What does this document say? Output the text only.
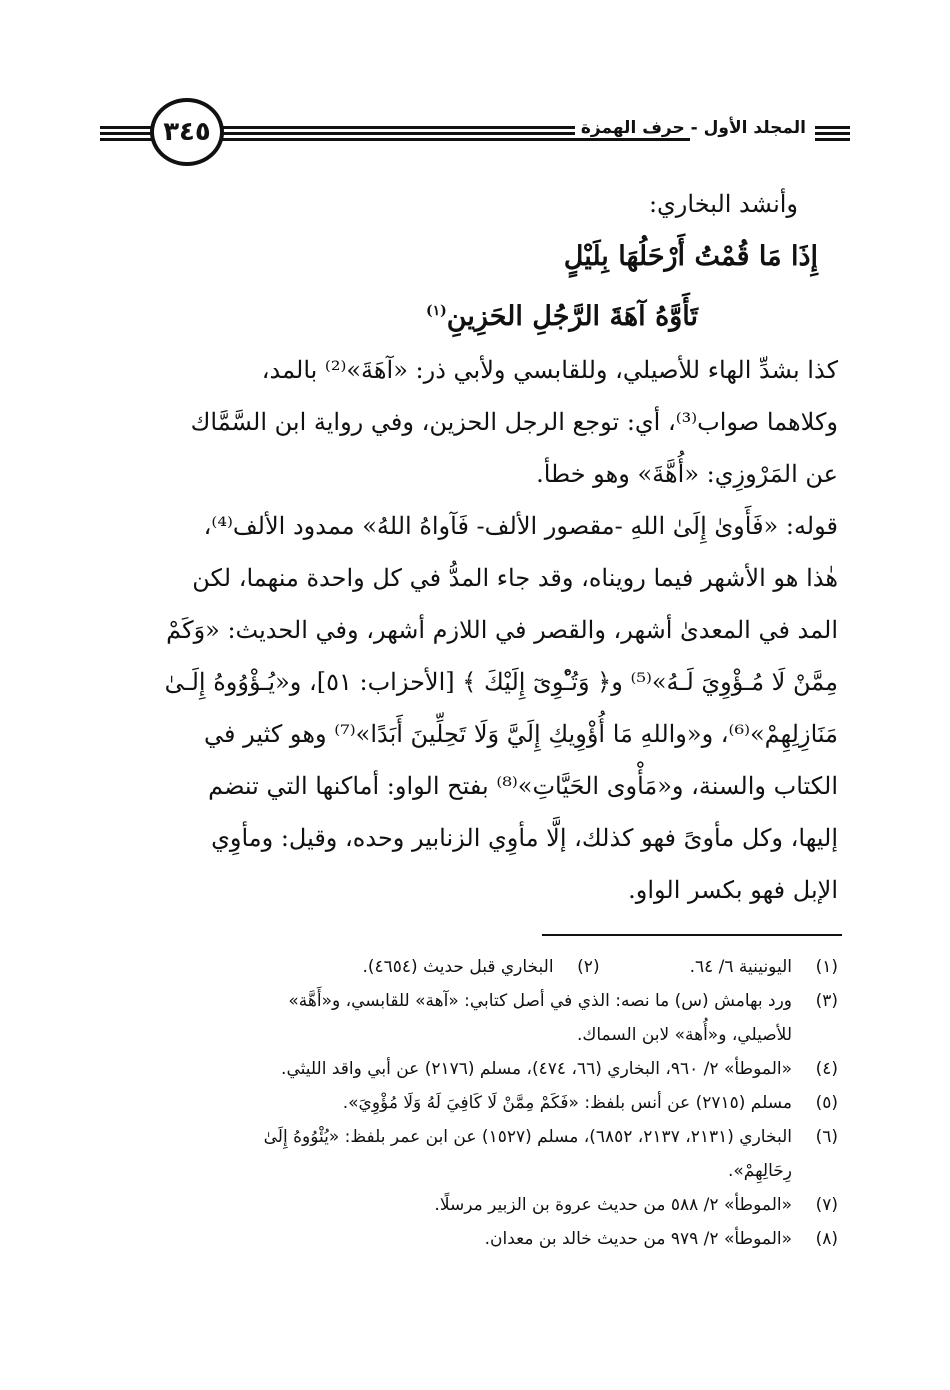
٣٤٥	المجلد الأول - حرف الهمزة
وأنشد البخاري:
إِذَا مَا قُمْتُ أَرْحَلُهَا بِلَيْلٍ
تَأَوَّهُ آهَةَ الرَّجُلِ الحَزِينِ$^{(١)}$
كذا بشدِّ الهاء للأصيلي، وللقابسي ولأبي ذر: «آهَةَ»⁽²⁾ بالمد،
وكلاهما صواب⁽³⁾، أي: توجع الرجل الحزين، وفي رواية ابن السَّمَّاك
عن المَرْوزِي: «أُهَّةَ» وهو خطأ.
قوله: «فَأَوىٰ إِلَىٰ اللهِ -مقصور الألف- فَآواهُ اللهُ» ممدود الألف⁽⁴⁾،
هٰذا هو الأشهر فيما رويناه، وقد جاء المدُّ في كل واحدة منهما، لكن
المد في المعدىٰ أشهر، والقصر في اللازم أشهر، وفي الحديث: «وَكَمْ
مِمَّنْ لَا مُـؤْوِيَ لَـهُ»⁽⁵⁾ و﴿ وَتُـْٔوِىٓ إِلَيْكَ ﴾ [الأحزاب: ٥١]، و«يُـؤْوُوهُ إِلَـىٰ
مَنَازِلِهِمْ»⁽⁶⁾، و«واللهِ مَا أُؤْوِيكِ إِلَيَّ وَلَا تَحِلِّينَ أَبَدًا»⁽⁷⁾ وهو كثير في
الكتاب والسنة، و«مَأْوى الحَيَّاتِ»⁽⁸⁾ بفتح الواو: أماكنها التي تنضم
إليها، وكل مأوىً فهو كذلك، إلَّا مأوِي الزنابير وحده، وقيل: ومأوِي
الإبل فهو بكسر الواو.
(١)
اليونينية ٦/ ٦٤.
(٢)
البخاري قبل حديث (٤٦٥٤).
(٣)
ورد بهامش (س) ما نصه: الذي في أصل كتابي: «آهة» للقابسي، و«أَهَّة»
للأصيلي، و«أُهة» لابن السماك.
(٤)
«الموطأ» ٢/ ٩٦٠، البخاري (٦٦، ٤٧٤)، مسلم (٢١٧٦) عن أبي واقد الليثي.
(٥)
مسلم (٢٧١٥) عن أنس بلفظ: «فَكَمْ مِمَّنْ لَا كَافِيَ لَهُ وَلَا مُؤْوِيَ».
(٦)
البخاري (٢١٣١، ٢١٣٧، ٦٨٥٢)، مسلم (١٥٢٧) عن ابن عمر بلفظ: «يُئْوُوهُ إِلَىٰ
رِحَالِهِمْ».
(٧)
«الموطأ» ٢/ ٥٨٨ من حديث عروة بن الزبير مرسلًا.
(٨)
«الموطأ» ٢/ ٩٧٩ من حديث خالد بن معدان.
